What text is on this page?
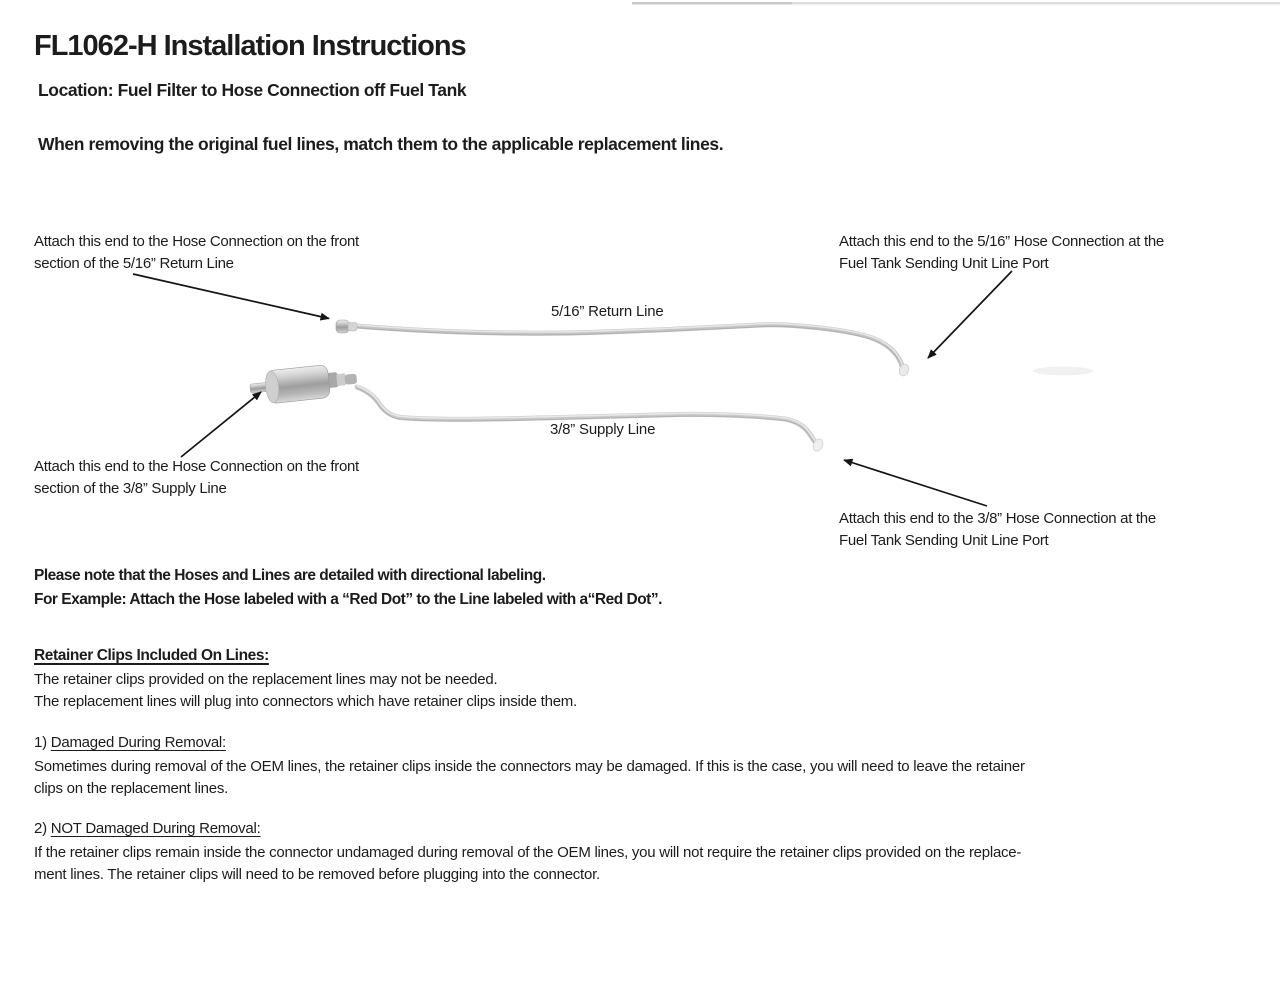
FL1062-H Installation Instructions
Location: Fuel Filter to Hose Connection off Fuel Tank
When removing the original fuel lines, match them to the applicable replacement lines.
Attach this end to the Hose Connection on the front
section of the 5/16” Return Line
Attach this end to the 5/16” Hose Connection at the
Fuel Tank Sending Unit Line Port
5/16” Return Line
3/8” Supply Line
Attach this end to the Hose Connection on the front
section of the 3/8” Supply Line
Attach this end to the 3/8” Hose Connection at the
Fuel Tank Sending Unit Line Port
Please note that the Hoses and Lines are detailed with directional labeling.
For Example: Attach the Hose labeled with a “Red Dot” to the Line labeled with a“Red Dot”.
Retainer Clips Included On Lines:
The retainer clips provided on the replacement lines may not be needed.
The replacement lines will plug into connectors which have retainer clips inside them.
1) Damaged During Removal:
Sometimes during removal of the OEM lines, the retainer clips inside the connectors may be damaged. If this is the case, you will need to leave the retainer
clips on the replacement lines.
2) NOT Damaged During Removal:
If the retainer clips remain inside the connector undamaged during removal of the OEM lines, you will not require the retainer clips provided on the replace-
ment lines. The retainer clips will need to be removed before plugging into the connector.
